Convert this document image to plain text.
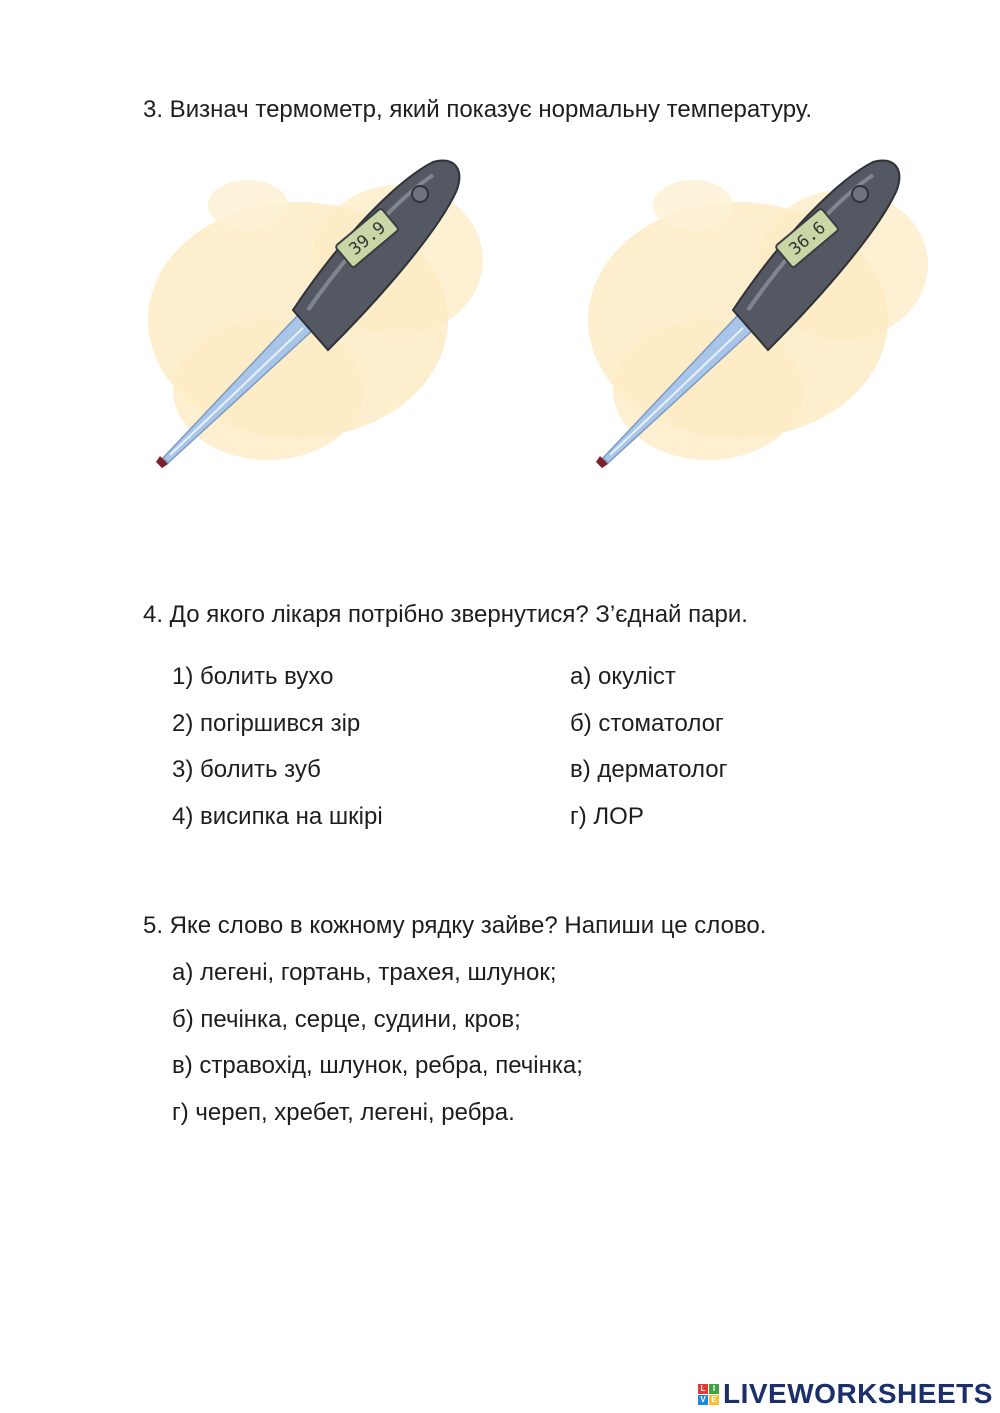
3. Визнач термометр, який показує нормальну температуру.
39.9	36.6
4. До якого лікаря потрібно звернутися? З’єднай пари.
1) болить вухо
2) погіршився зір
3) болить зуб
4) висипка на шкірі
а) окуліст
б) стоматолог
в) дерматолог
г) ЛОР
5. Яке слово в кожному рядку зайве? Напиши це слово.
а) легені, гортань, трахея, шлунок;
б) печінка, серце, судини, кров;
в) стравохід, шлунок, ребра, печінка;
г) череп, хребет, легені, ребра.
L I
V E LIVEWORKSHEETS
